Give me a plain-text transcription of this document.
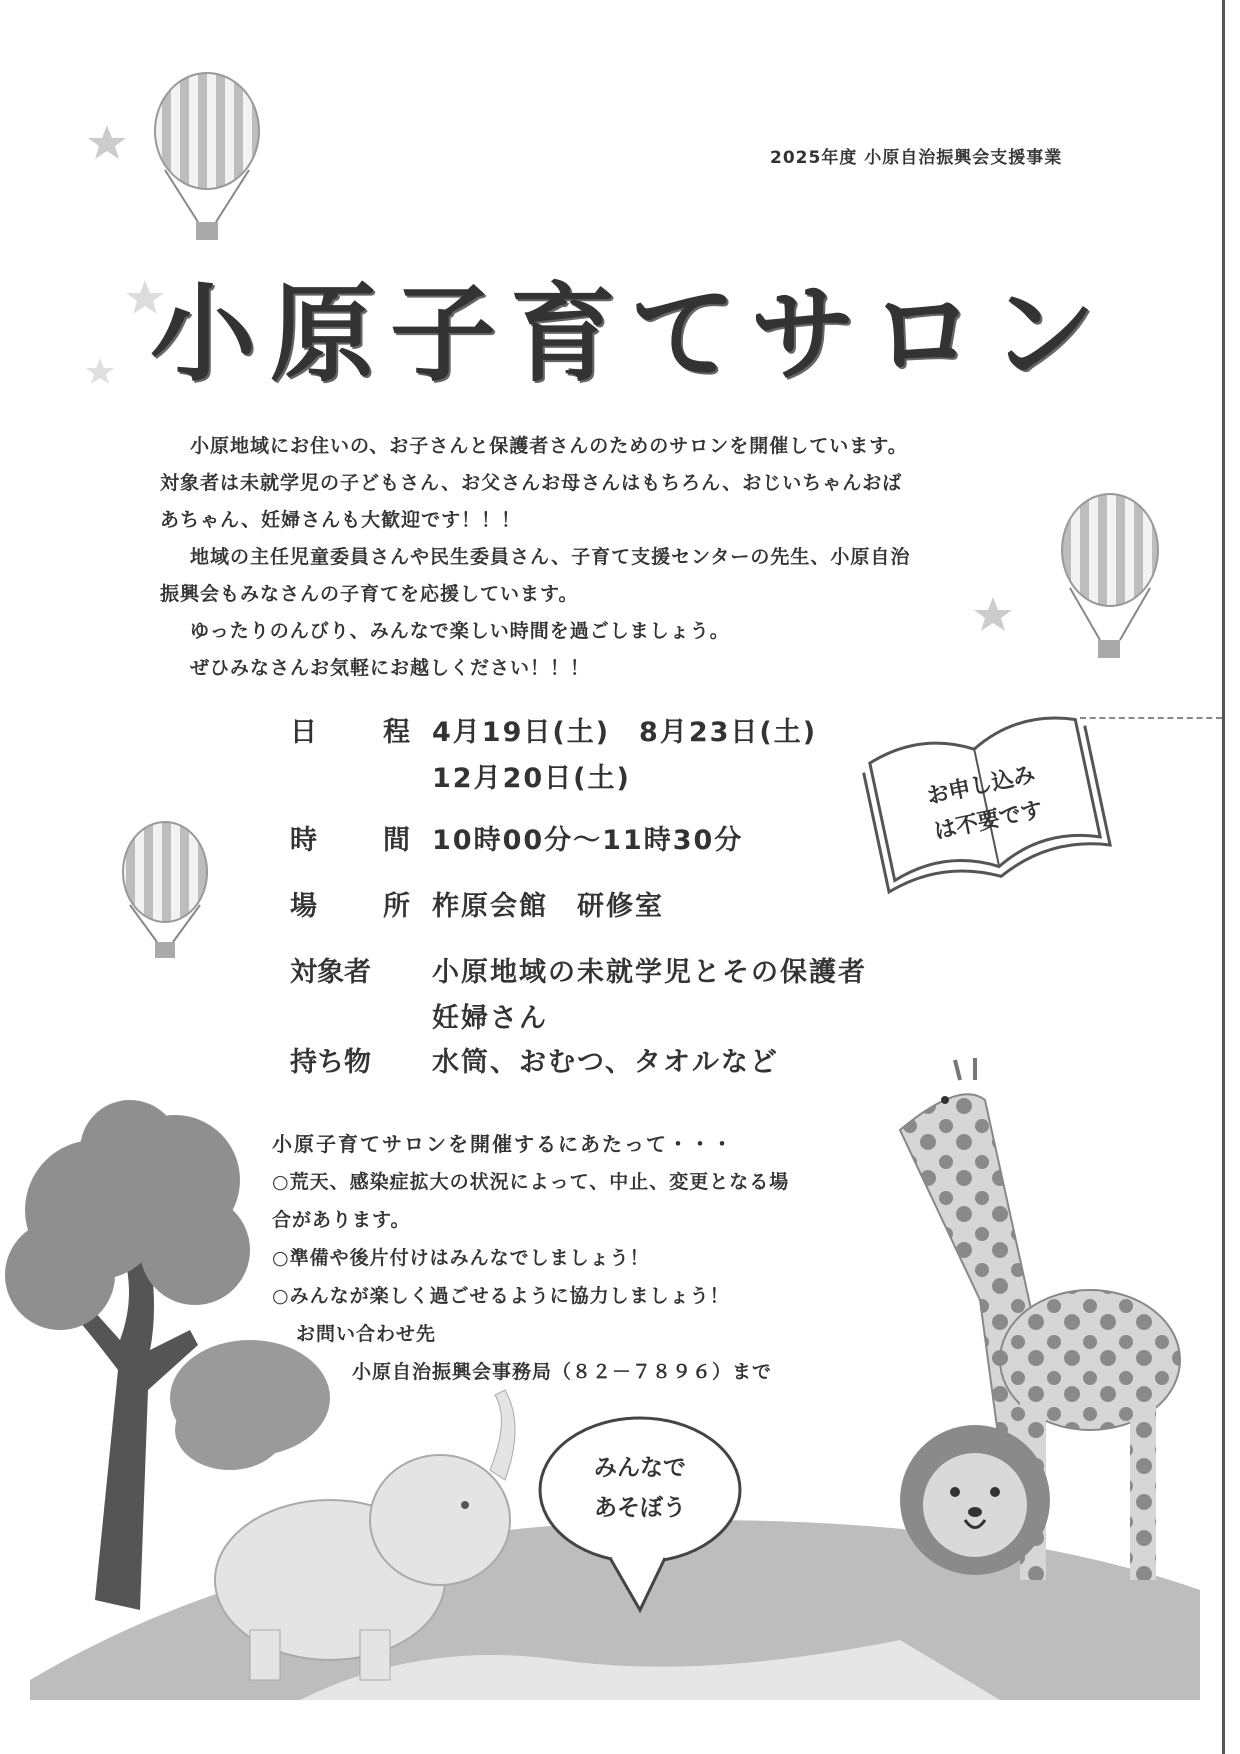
2025年度 小原自治振興会支援事業
小原子育てサロン

小原地域にお住いの、お子さんと保護者さんのためのサロンを開催しています。

対象者は未就学児の子どもさん、お父さんお母さんはもちろん、おじいちゃんおば

あちゃん、妊婦さんも大歓迎です！！！

地域の主任児童委員さんや民生委員さん、子育て支援センターの先生、小原自治

振興会もみなさんの子育てを応援しています。

ゆったりのんびり、みんなで楽しい時間を過ごしましょう。

ぜひみなさんお気軽にお越しください！！！

日 程 4月19日(土)　8月23日(土)
12月20日(土)
時 間 10時00分～11時30分
場 所 柞原会館　研修室
対象者	小原地域の未就学児とその保護者
妊婦さん
持ち物	水筒、おむつ、タオルなど
お申し込み
は不要です
小原子育てサロンを開催するにあたって・・・

○荒天、感染症拡大の状況によって、中止、変更となる場

合があります。

○準備や後片付けはみんなでしましょう！

○みんなが楽しく過ごせるように協力しましょう！

お問い合わせ先

小原自治振興会事務局（８２－７８９６）まで

みんなで
あそぼう
